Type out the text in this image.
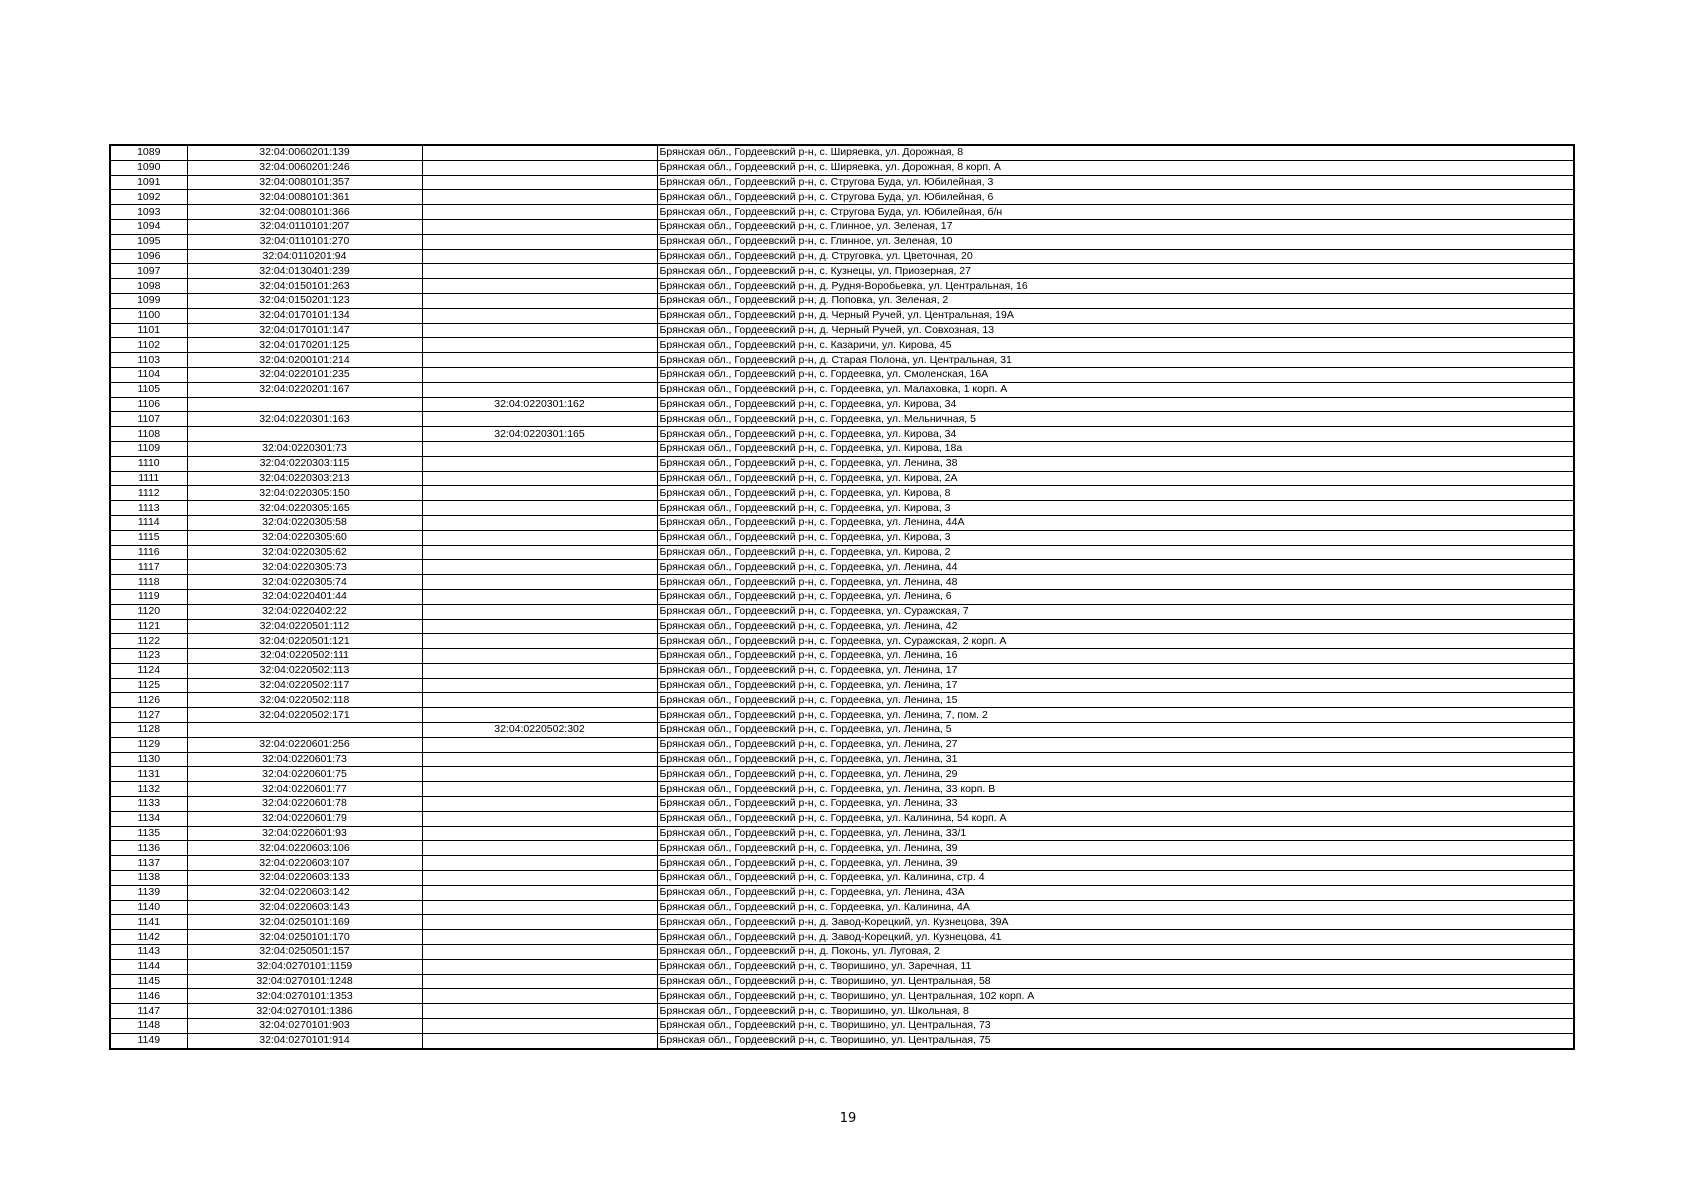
1089	32:04:0060201:139		Брянская обл., Гордеевский р-н, с. Ширяевка, ул. Дорожная, 8
1090	32:04:0060201:246		Брянская обл., Гордеевский р-н, с. Ширяевка, ул. Дорожная, 8 корп. А
1091	32:04:0080101:357		Брянская обл., Гордеевский р-н, с. Стругова Буда, ул. Юбилейная, 3
1092	32:04:0080101:361		Брянская обл., Гордеевский р-н, с. Стругова Буда, ул. Юбилейная, 6
1093	32:04:0080101:366		Брянская обл., Гордеевский р-н, с. Стругова Буда, ул. Юбилейная, б/н
1094	32:04:0110101:207		Брянская обл., Гордеевский р-н, с. Глинное, ул. Зеленая, 17
1095	32:04:0110101:270		Брянская обл., Гордеевский р-н, с. Глинное, ул. Зеленая, 10
1096	32:04:0110201:94		Брянская обл., Гордеевский р-н, д. Струговка, ул. Цветочная, 20
1097	32:04:0130401:239		Брянская обл., Гордеевский р-н, с. Кузнецы, ул. Приозерная, 27
1098	32:04:0150101:263		Брянская обл., Гордеевский р-н, д. Рудня-Воробьевка, ул. Центральная, 16
1099	32:04:0150201:123		Брянская обл., Гордеевский р-н, д. Поповка, ул. Зеленая, 2
1100	32:04:0170101:134		Брянская обл., Гордеевский р-н, д. Черный Ручей, ул. Центральная, 19А
1101	32:04:0170101:147		Брянская обл., Гордеевский р-н, д. Черный Ручей, ул. Совхозная, 13
1102	32:04:0170201:125		Брянская обл., Гордеевский р-н, с. Казаричи, ул. Кирова, 45
1103	32:04:0200101:214		Брянская обл., Гордеевский р-н, д. Старая Полона, ул. Центральная, 31
1104	32:04:0220101:235		Брянская обл., Гордеевский р-н, с. Гордеевка, ул. Смоленская, 16А
1105	32:04:0220201:167		Брянская обл., Гордеевский р-н, с. Гордеевка, ул. Малаховка, 1 корп. А
1106		32:04:0220301:162	Брянская обл., Гордеевский р-н, с. Гордеевка, ул. Кирова, 34
1107	32:04:0220301:163		Брянская обл., Гордеевский р-н, с. Гордеевка, ул. Мельничная, 5
1108		32:04:0220301:165	Брянская обл., Гордеевский р-н, с. Гордеевка, ул. Кирова, 34
1109	32:04:0220301:73		Брянская обл., Гордеевский р-н, с. Гордеевка, ул. Кирова, 18а
1110	32:04:0220303:115		Брянская обл., Гордеевский р-н, с. Гордеевка, ул. Ленина, 38
1111	32:04:0220303:213		Брянская обл., Гордеевский р-н, с. Гордеевка, ул. Кирова, 2А
1112	32:04:0220305:150		Брянская обл., Гордеевский р-н, с. Гордеевка, ул. Кирова, 8
1113	32:04:0220305:165		Брянская обл., Гордеевский р-н, с. Гордеевка, ул. Кирова, 3
1114	32:04:0220305:58		Брянская обл., Гордеевский р-н, с. Гордеевка, ул. Ленина, 44А
1115	32:04:0220305:60		Брянская обл., Гордеевский р-н, с. Гордеевка, ул. Кирова, 3
1116	32:04:0220305:62		Брянская обл., Гордеевский р-н, с. Гордеевка, ул. Кирова, 2
1117	32:04:0220305:73		Брянская обл., Гордеевский р-н, с. Гордеевка, ул. Ленина, 44
1118	32:04:0220305:74		Брянская обл., Гордеевский р-н, с. Гордеевка, ул. Ленина, 48
1119	32:04:0220401:44		Брянская обл., Гордеевский р-н, с. Гордеевка, ул. Ленина, 6
1120	32:04:0220402:22		Брянская обл., Гордеевский р-н, с. Гордеевка, ул. Суражская, 7
1121	32:04:0220501:112		Брянская обл., Гордеевский р-н, с. Гордеевка, ул. Ленина, 42
1122	32:04:0220501:121		Брянская обл., Гордеевский р-н, с. Гордеевка, ул. Суражская, 2 корп. А
1123	32:04:0220502:111		Брянская обл., Гордеевский р-н, с. Гордеевка, ул. Ленина, 16
1124	32:04:0220502:113		Брянская обл., Гордеевский р-н, с. Гордеевка, ул. Ленина, 17
1125	32:04:0220502:117		Брянская обл., Гордеевский р-н, с. Гордеевка, ул. Ленина, 17
1126	32:04:0220502:118		Брянская обл., Гордеевский р-н, с. Гордеевка, ул. Ленина, 15
1127	32:04:0220502:171		Брянская обл., Гордеевский р-н, с. Гордеевка, ул. Ленина, 7, пом. 2
1128		32:04:0220502:302	Брянская обл., Гордеевский р-н, с. Гордеевка, ул. Ленина, 5
1129	32:04:0220601:256		Брянская обл., Гордеевский р-н, с. Гордеевка, ул. Ленина, 27
1130	32:04:0220601:73		Брянская обл., Гордеевский р-н, с. Гордеевка, ул. Ленина, 31
1131	32:04:0220601:75		Брянская обл., Гордеевский р-н, с. Гордеевка, ул. Ленина, 29
1132	32:04:0220601:77		Брянская обл., Гордеевский р-н, с. Гордеевка, ул. Ленина, 33 корп. В
1133	32:04:0220601:78		Брянская обл., Гордеевский р-н, с. Гордеевка, ул. Ленина, 33
1134	32:04:0220601:79		Брянская обл., Гордеевский р-н, с. Гордеевка, ул. Калинина, 54 корп. А
1135	32:04:0220601:93		Брянская обл., Гордеевский р-н, с. Гордеевка, ул. Ленина, 33/1
1136	32:04:0220603:106		Брянская обл., Гордеевский р-н, с. Гордеевка, ул. Ленина, 39
1137	32:04:0220603:107		Брянская обл., Гордеевский р-н, с. Гордеевка, ул. Ленина, 39
1138	32:04:0220603:133		Брянская обл., Гордеевский р-н, с. Гордеевка, ул. Калинина, стр. 4
1139	32:04:0220603:142		Брянская обл., Гордеевский р-н, с. Гордеевка, ул. Ленина, 43А
1140	32:04:0220603:143		Брянская обл., Гордеевский р-н, с. Гордеевка, ул. Калинина, 4А
1141	32:04:0250101:169		Брянская обл., Гордеевский р-н, д. Завод-Корецкий, ул. Кузнецова, 39А
1142	32:04:0250101:170		Брянская обл., Гордеевский р-н, д. Завод-Корецкий, ул. Кузнецова, 41
1143	32:04:0250501:157		Брянская обл., Гордеевский р-н, д. Поконь, ул. Луговая, 2
1144	32:04:0270101:1159		Брянская обл., Гордеевский р-н, с. Творишино, ул. Заречная, 11
1145	32:04:0270101:1248		Брянская обл., Гордеевский р-н, с. Творишино, ул. Центральная, 58
1146	32:04:0270101:1353		Брянская обл., Гордеевский р-н, с. Творишино, ул. Центральная, 102 корп. А
1147	32:04:0270101:1386		Брянская обл., Гордеевский р-н, с. Творишино, ул. Школьная, 8
1148	32:04:0270101:903		Брянская обл., Гордеевский р-н, с. Творишино, ул. Центральная, 73
1149	32:04:0270101:914		Брянская обл., Гордеевский р-н, с. Творишино, ул. Центральная, 75
19
